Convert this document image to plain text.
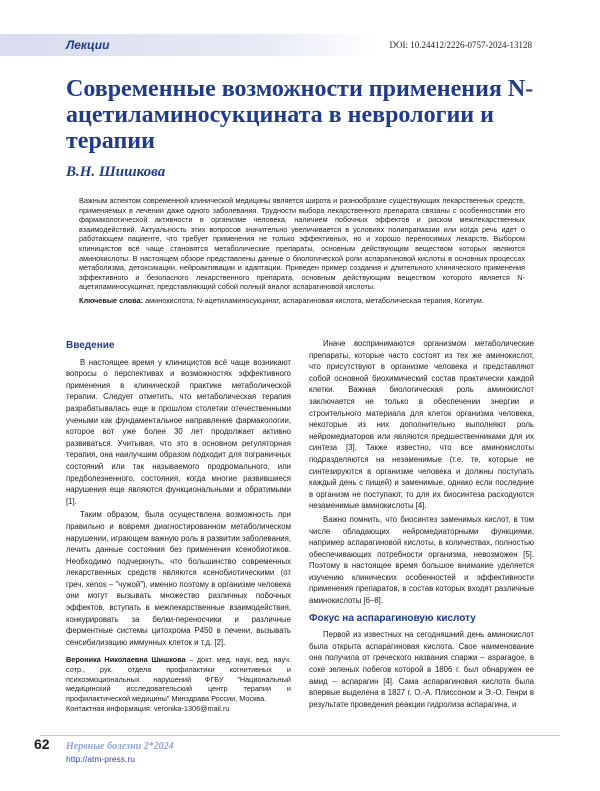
Лекции	DOI: 10.24412/2226-0757-2024-13128
Современные возможности применения N-ацетиламиносукцината в неврологии и терапии
В.Н. Шишкова

Важным аспектом современной клинической медицины является широта и разнообразие существующих лекарственных средств, применяемых в лечении даже одного заболевания. Трудности выбора лекарственного препарата связаны с особенностями его фармакологической активности в организме человека, наличием побочных эффектов и риском межлекарственных взаимодействий. Актуальность этих вопросов значительно увеличивается в условиях полипрагмазии или когда речь идет о работающем пациенте, что требует применения не только эффективных, но и хорошо переносимых лекарств. Выбором клиницистов всё чаще становятся метаболические препараты, основным действующим веществом которых являются аминокислоты. В настоящем обзоре представлены данные о биологической роли аспарагиновой кислоты в основных процессах метаболизма, детоксикации, нейроактивации и адаптации. Приведен пример создания и длительного клинического применения эффективного и безопасного лекарственного препарата, основным действующим веществом которого является N-ацетиламиносукцинат, представляющий собой полный аналог аспарагиновой кислоты.

Ключевые слова: аминокислота, N-ацетиламиносукцинат, аспарагиновая кислота, метаболическая терапия, Когитум.

Введение

В настоящее время у клиницистов всё чаще возникают вопросы о перспективах и возможностях эффективного применения в клинической практике метаболической терапии. Следует отметить, что метаболическая терапия разрабатывалась еще в прошлом столетии отечественными учеными как фундаментальное направление фармакологии, которое вот уже более 30 лет продолжает активно развиваться. Учитывая, что это в основном регуляторная терапия, она наилучшим образом подходит для пограничных состояний или так называемого продромального, или предболезненного, состояния, когда многие развившиеся нарушения еще являются функциональными и обратимыми [1].

Таким образом, была осуществлена возможность при правильно и вовремя диагностированном метаболическом нарушении, играющем важную роль в развитии заболевания, лечить данные состояния без применения ксенобиотиков. Необходимо подчеркнуть, что большинство современных лекарственных средств являются ксенобиотическими (от греч. xenos – "чужой"), именно поэтому в организме человека они могут вызывать множество различных побочных эффектов, вступать в межлекарственные взаимодействия, конкурировать за белки-переносчики и различные ферментные системы цитохрома P450 в печени, вызывать сенсибилизацию иммунных клеток и т.д. [2].

Вероника Николаевна Шишкова – докт. мед. наук, вед. науч. сотр., рук. отдела профилактики когнитивных и психоэмоциональных нарушений ФГБУ "Национальный медицинский исследовательский центр терапии и профилактической медицины" Минздрава России, Москва.

Контактная информация: veronika-1306@mail.ru

Иначе воспринимаются организмом метаболические препараты, которые часто состоят из тех же аминокислот, что присутствуют в организме человека и представляют собой основной биохимический состав практически каждой клетки. Важная биологическая роль аминокислот заключается не только в обеспечении энергии и строительного материала для клеток организма человека, некоторые из них дополнительно выполняют роль нейромедиаторов или являются предшественниками для их синтеза [3]. Также известно, что все аминокислоты подразделяются на незаменимые (т.е. те, которые не синтезируются в организме человека и должны поступать каждый день с пищей) и заменимые, однако если последние в организм не поступают, то для их биосинтеза расходуются незаменимые аминокислоты [4].

Важно помнить, что биосинтез заменимых кислот, в том числе обладающих нейромедиаторными функциями, например аспарагиновой кислоты, в количествах, полностью обеспечивающих потребности организма, невозможен [5]. Поэтому в настоящее время большое внимание уделяется изучению клинических особенностей и эффективности применения препаратов, в состав которых входят различные аминокислоты [6–8].

Фокус на аспарагиновую кислоту

Первой из известных на сегодняшний день аминокислот была открыта аспарагиновая кислота. Свое наименование она получила от греческого названия спаржи – asparagoe, в соке зеленых побегов которой в 1806 г. был обнаружен ее амид – аспарагин [4]. Сама аспарагиновая кислота была впервые выделена в 1827 г. О.-А. Плиссоном и Э.-О. Генри в результате проведения реакции гидролиза аспарагина, и

62 Нервные болезни 2*2024
http://atm-press.ru
